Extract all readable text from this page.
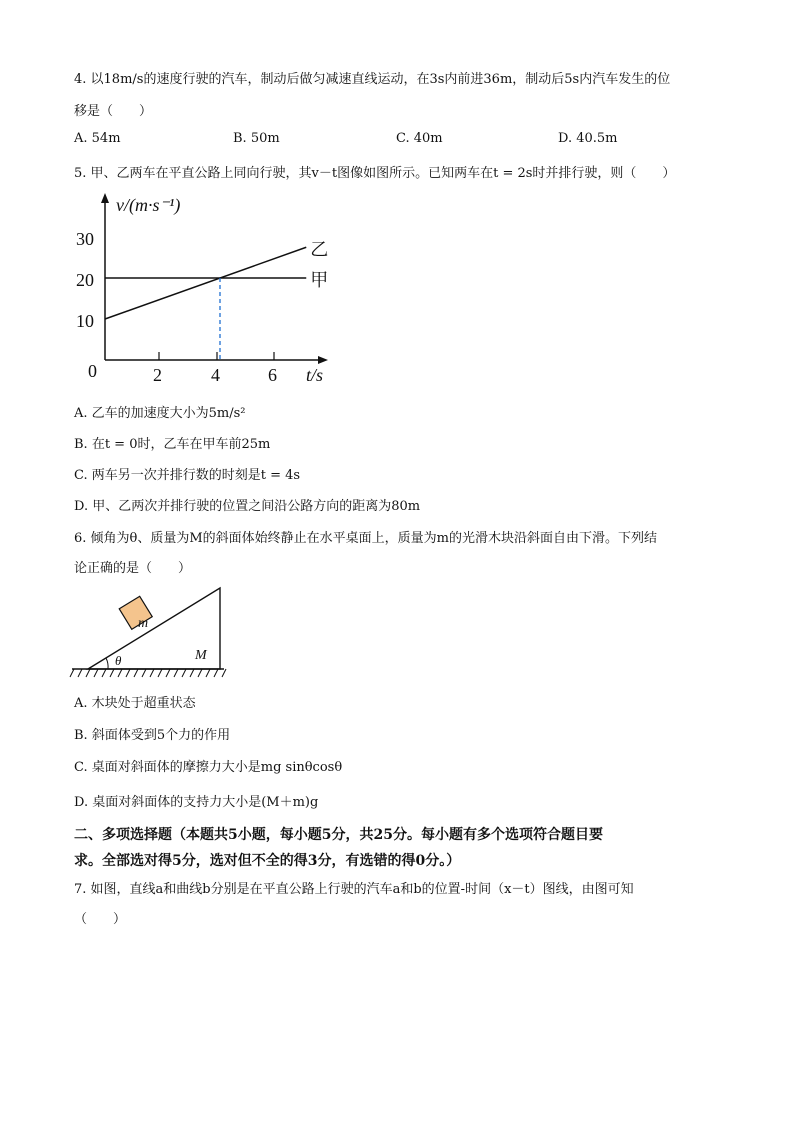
4. 以18m/s的速度行驶的汽车，制动后做匀减速直线运动，在3s内前进36m，制动后5s内汽车发生的位
移是（　　）
A. 54m	B. 50m	C. 40m	D. 40.5m
5. 甲、乙两车在平直公路上同向行驶，其v－t图像如图所示。已知两车在t = 2s时并排行驶，则（　　）
v/(m·s⁻¹)
t/s
0
30
20
10
2	4	6
乙
甲
A. 乙车的加速度大小为5m/s²
B. 在t = 0时，乙车在甲车前25m
C. 两车另一次并排行数的时刻是t = 4s
D. 甲、乙两次并排行驶的位置之间沿公路方向的距离为80m
6. 倾角为θ、质量为M的斜面体始终静止在水平桌面上，质量为m的光滑木块沿斜面自由下滑。下列结
论正确的是（　　）
m
θ	M
A. 木块处于超重状态
B. 斜面体受到5个力的作用
C. 桌面对斜面体的摩擦力大小是mg sinθcosθ
D. 桌面对斜面体的支持力大小是(M＋m)g
二、多项选择题（本题共5小题，每小题5分，共25分。每小题有多个选项符合题目要
求。全部选对得5分，选对但不全的得3分，有选错的得0分。）
7. 如图，直线a和曲线b分别是在平直公路上行驶的汽车a和b的位置-时间（x－t）图线，由图可知
（　　）
